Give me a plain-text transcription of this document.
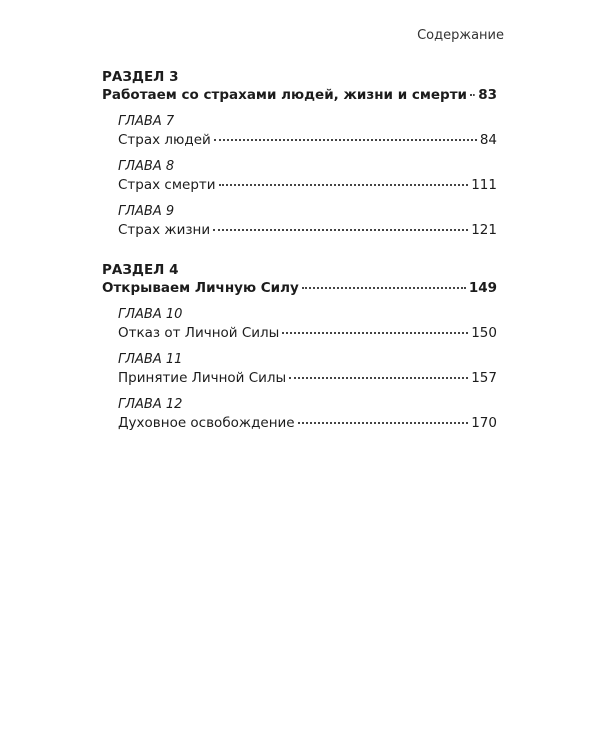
Содержание
РАЗДЕЛ 3
Работаем со страхами людей, жизни и смерти 83
ГЛАВА 7
Страх людей	84
ГЛАВА 8
Страх смерти	111
ГЛАВА 9
Страх жизни	121
РАЗДЕЛ 4
Открываем Личную Силу	149
ГЛАВА 10
Отказ от Личной Силы	150
ГЛАВА 11
Принятие Личной Силы	157
ГЛАВА 12
Духовное освобождение	170
